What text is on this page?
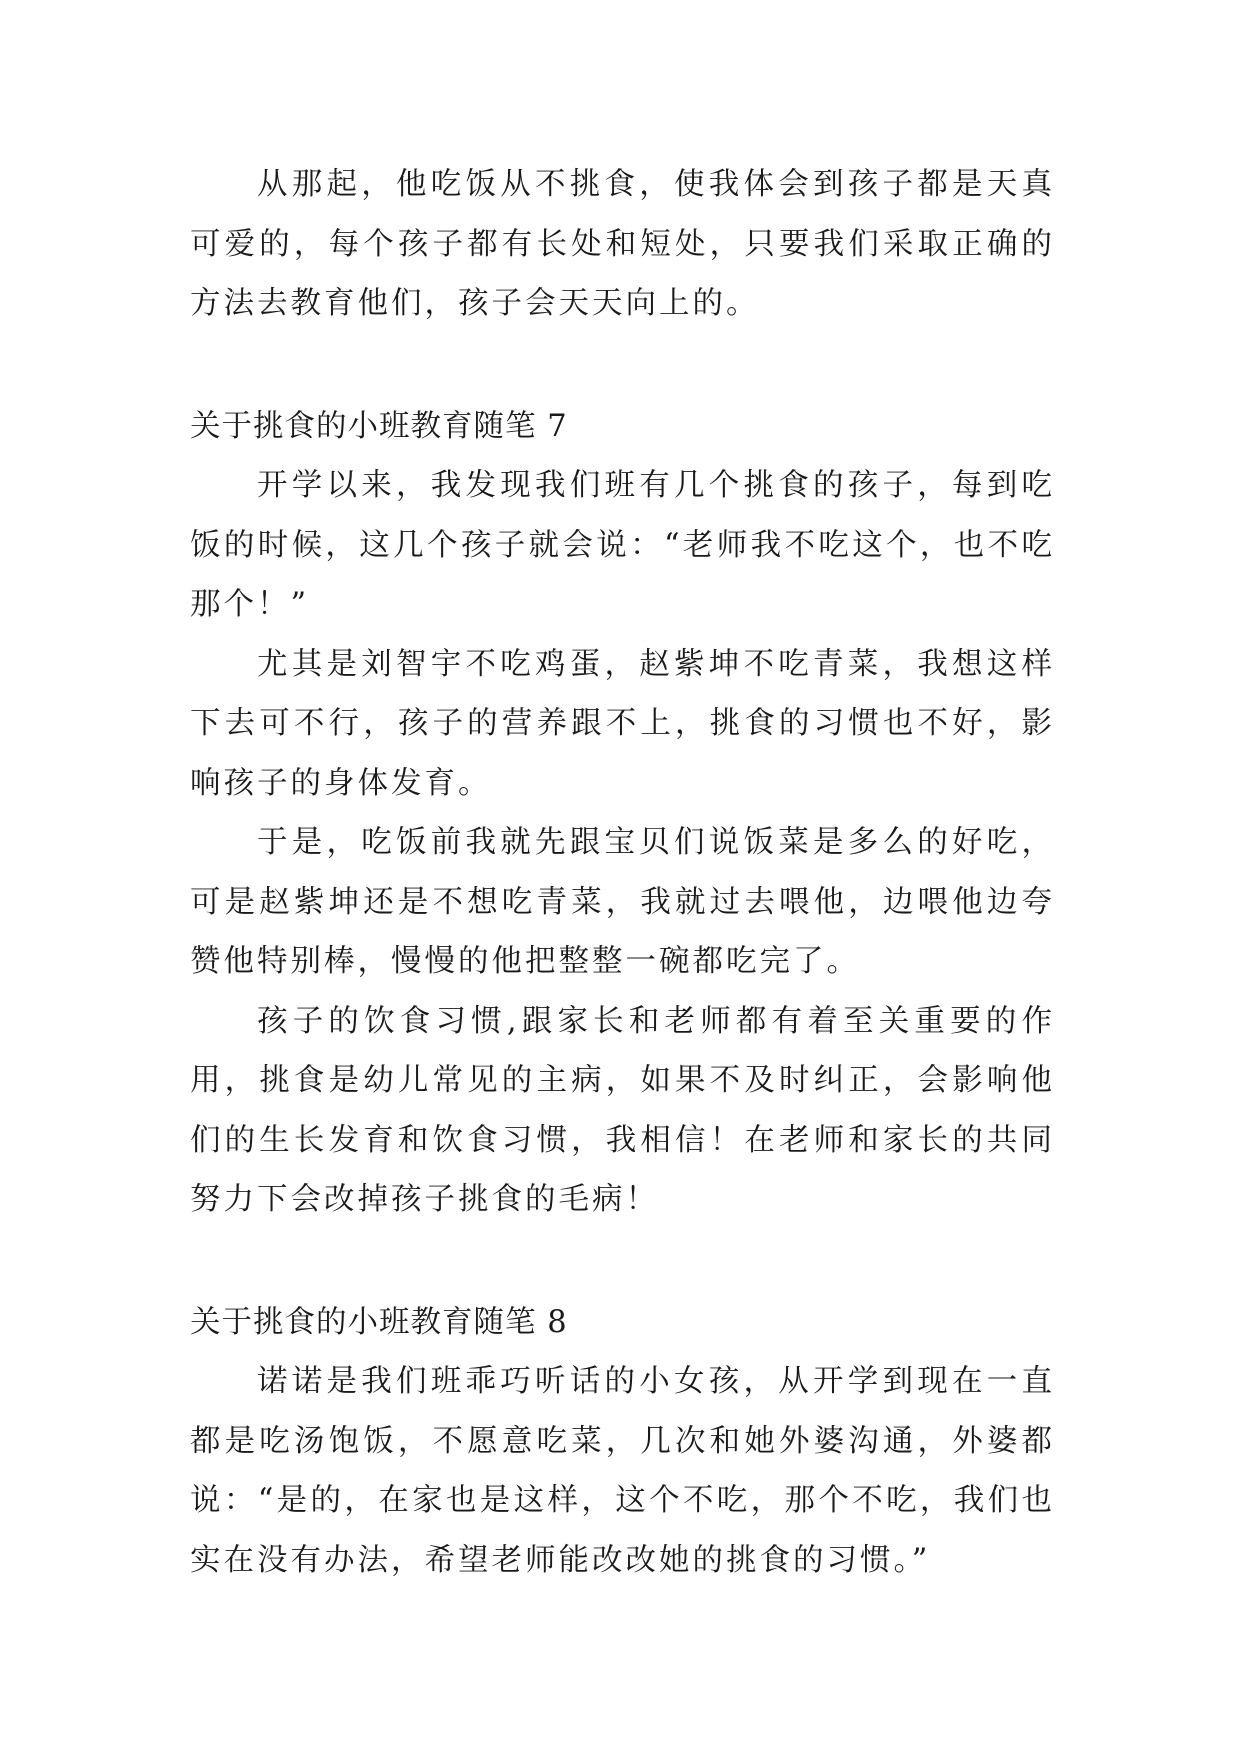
从那起，他吃饭从不挑食，使我体会到孩子都是天真可爱的，每个孩子都有长处和短处，只要我们采取正确的方法去教育他们，孩子会天天向上的。

关于挑食的小班教育随笔 7

开学以来，我发现我们班有几个挑食的孩子，每到吃饭的时候，这几个孩子就会说：“老师我不吃这个，也不吃那个！”

尤其是刘智宇不吃鸡蛋，赵紫坤不吃青菜，我想这样下去可不行，孩子的营养跟不上，挑食的习惯也不好，影响孩子的身体发育。

于是，吃饭前我就先跟宝贝们说饭菜是多么的好吃，可是赵紫坤还是不想吃青菜，我就过去喂他，边喂他边夸赞他特别棒，慢慢的他把整整一碗都吃完了。

孩子的饮食习惯,跟家长和老师都有着至关重要的作用，挑食是幼儿常见的主病，如果不及时纠正，会影响他们的生长发育和饮食习惯，我相信！在老师和家长的共同努力下会改掉孩子挑食的毛病！

关于挑食的小班教育随笔 8

诺诺是我们班乖巧听话的小女孩，从开学到现在一直都是吃汤饱饭，不愿意吃菜，几次和她外婆沟通，外婆都说：“是的，在家也是这样，这个不吃，那个不吃，我们也实在没有办法，希望老师能改改她的挑食的习惯。”
